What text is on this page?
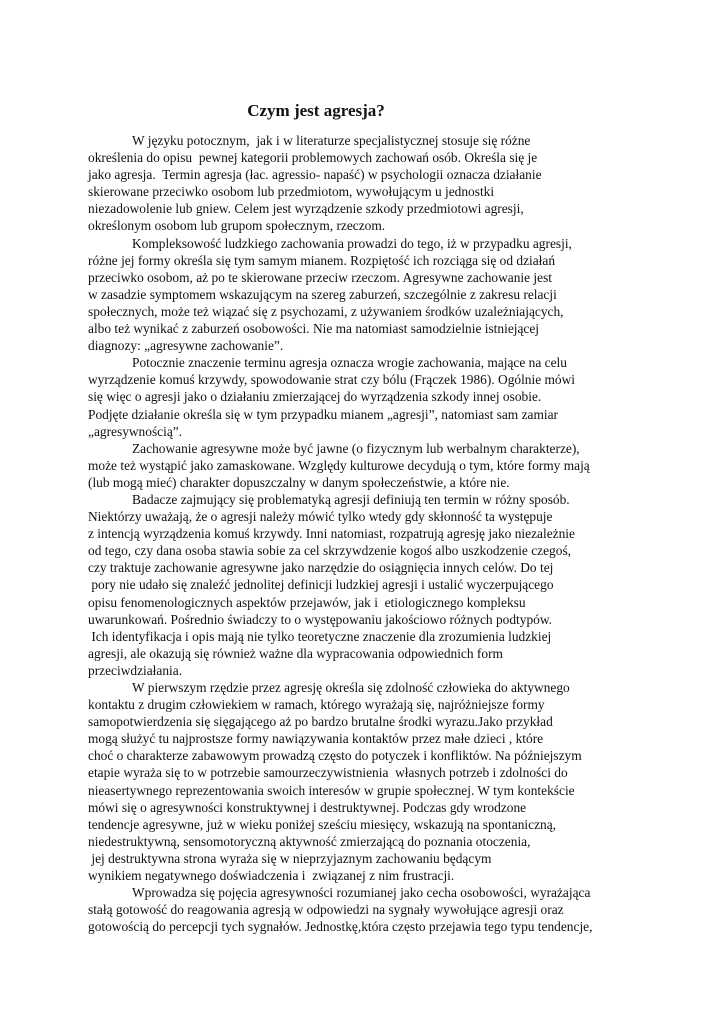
Czym jest agresja?
W języku potocznym,  jak i w literaturze specjalistycznej stosuje się różne
określenia do opisu  pewnej kategorii problemowych zachowań osób. Określa się je
jako agresja.  Termin agresja (łac. agressio- napaść) w psychologii oznacza działanie
skierowane przeciwko osobom lub przedmiotom, wywołującym u jednostki
niezadowolenie lub gniew. Celem jest wyrządzenie szkody przedmiotowi agresji,
określonym osobom lub grupom społecznym, rzeczom.
Kompleksowość ludzkiego zachowania prowadzi do tego, iż w przypadku agresji,
różne jej formy określa się tym samym mianem. Rozpiętość ich rozciąga się od działań
przeciwko osobom, aż po te skierowane przeciw rzeczom. Agresywne zachowanie jest
w zasadzie symptomem wskazującym na szereg zaburzeń, szczególnie z zakresu relacji
społecznych, może też wiązać się z psychozami, z używaniem środków uzależniających,
albo też wynikać z zaburzeń osobowości. Nie ma natomiast samodzielnie istniejącej
diagnozy: „agresywne zachowanie”.
Potocznie znaczenie terminu agresja oznacza wrogie zachowania, mające na celu
wyrządzenie komuś krzywdy, spowodowanie strat czy bólu (Frączek 1986). Ogólnie mówi
się więc o agresji jako o działaniu zmierzającej do wyrządzenia szkody innej osobie.
Podjęte działanie określa się w tym przypadku mianem „agresji”, natomiast sam zamiar
„agresywnością”.
Zachowanie agresywne może być jawne (o fizycznym lub werbalnym charakterze),
może też wystąpić jako zamaskowane. Względy kulturowe decydują o tym, które formy mają
(lub mogą mieć) charakter dopuszczalny w danym społeczeństwie, a które nie.
Badacze zajmujący się problematyką agresji definiują ten termin w różny sposób.
Niektórzy uważają, że o agresji należy mówić tylko wtedy gdy skłonność ta występuje
z intencją wyrządzenia komuś krzywdy. Inni natomiast, rozpatrują agresję jako niezależnie
od tego, czy dana osoba stawia sobie za cel skrzywdzenie kogoś albo uszkodzenie czegoś,
czy traktuje zachowanie agresywne jako narzędzie do osiągnięcia innych celów. Do tej
pory nie udało się znaleźć jednolitej definicji ludzkiej agresji i ustalić wyczerpującego
opisu fenomenologicznych aspektów przejawów, jak i  etiologicznego kompleksu
uwarunkowań. Pośrednio świadczy to o występowaniu jakościowo różnych podtypów.
Ich identyfikacja i opis mają nie tylko teoretyczne znaczenie dla zrozumienia ludzkiej
agresji, ale okazują się również ważne dla wypracowania odpowiednich form
przeciwdziałania.
W pierwszym rzędzie przez agresję określa się zdolność człowieka do aktywnego
kontaktu z drugim człowiekiem w ramach, którego wyrażają się, najróżniejsze formy
samopotwierdzenia się sięgającego aż po bardzo brutalne środki wyrazu.Jako przykład
mogą służyć tu najprostsze formy nawiązywania kontaktów przez małe dzieci , które
choć o charakterze zabawowym prowadzą często do potyczek i konfliktów. Na późniejszym
etapie wyraża się to w potrzebie samourzeczywistnienia  własnych potrzeb i zdolności do
nieasertywnego reprezentowania swoich interesów w grupie społecznej. W tym kontekście
mówi się o agresywności konstruktywnej i destruktywnej. Podczas gdy wrodzone
tendencje agresywne, już w wieku poniżej sześciu miesięcy, wskazują na spontaniczną,
niedestruktywną, sensomotoryczną aktywność zmierzającą do poznania otoczenia,
jej destruktywna strona wyraża się w nieprzyjaznym zachowaniu będącym
wynikiem negatywnego doświadczenia i  związanej z nim frustracji.
Wprowadza się pojęcia agresywności rozumianej jako cecha osobowości, wyrażająca
stałą gotowość do reagowania agresją w odpowiedzi na sygnały wywołujące agresji oraz
gotowością do percepcji tych sygnałów. Jednostkę,która często przejawia tego typu tendencje,
